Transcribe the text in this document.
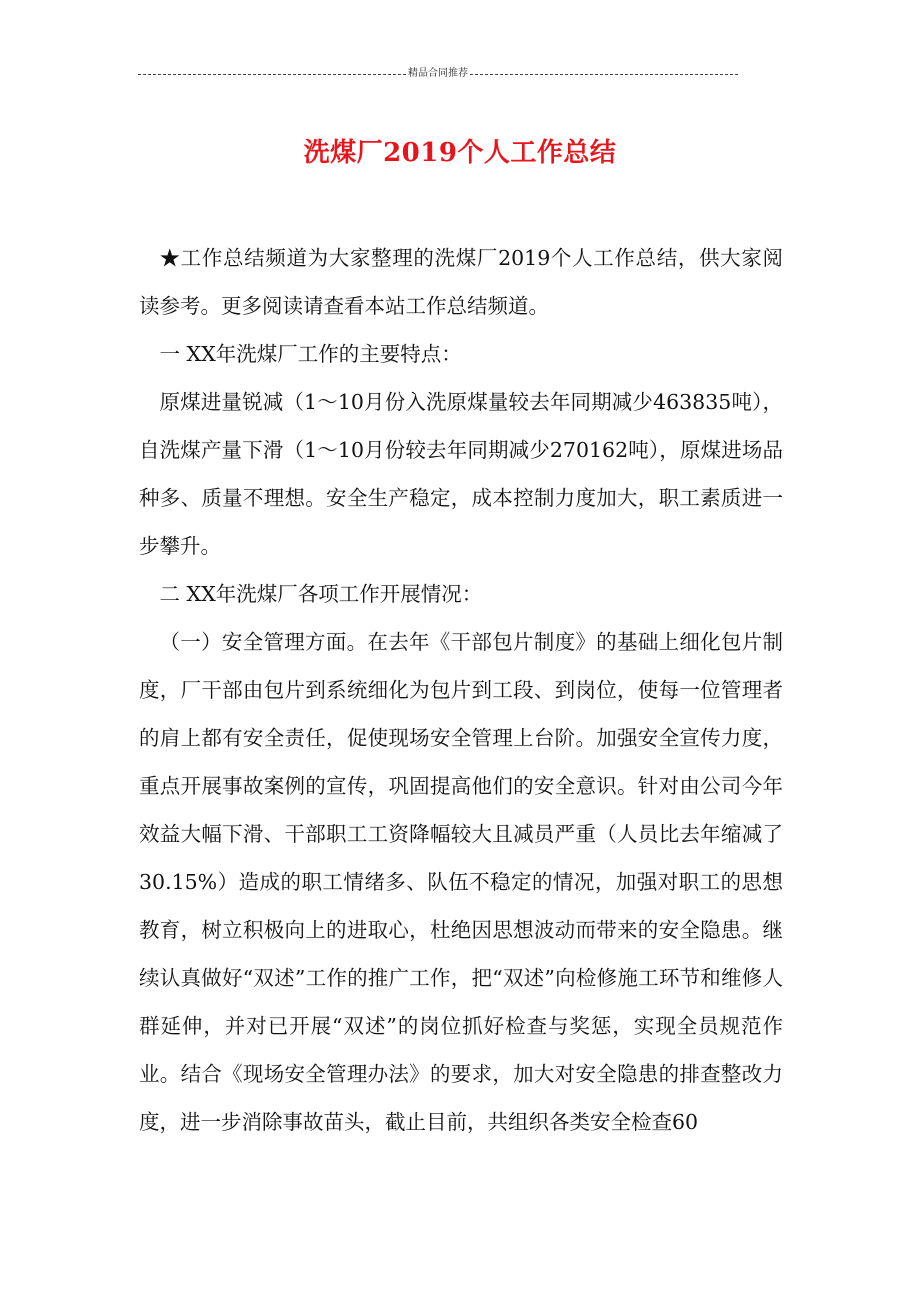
精品合同推荐
洗煤厂2019个人工作总结

★工作总结频道为大家整理的洗煤厂2019个人工作总结，供大家阅读参考。更多阅读请查看本站工作总结频道。

一 XX年洗煤厂工作的主要特点：

原煤进量锐减（1～10月份入洗原煤量较去年同期减少463835吨），自洗煤产量下滑（1～10月份较去年同期减少270162吨），原煤进场品种多、质量不理想。安全生产稳定，成本控制力度加大，职工素质进一步攀升。

二 XX年洗煤厂各项工作开展情况：

（一）安全管理方面。在去年《干部包片制度》的基础上细化包片制度，厂干部由包片到系统细化为包片到工段、到岗位，使每一位管理者的肩上都有安全责任，促使现场安全管理上台阶。加强安全宣传力度，重点开展事故案例的宣传，巩固提高他们的安全意识。针对由公司今年效益大幅下滑、干部职工工资降幅较大且减员严重（人员比去年缩减了30.15%）造成的职工情绪多、队伍不稳定的情况，加强对职工的思想教育，树立积极向上的进取心，杜绝因思想波动而带来的安全隐患。继续认真做好“双述”工作的推广工作，把“双述”向检修施工环节和维修人群延伸，并对已开展“双述”的岗位抓好检查与奖惩，实现全员规范作业。结合《现场安全管理办法》的要求，加大对安全隐患的排查整改力度，进一步消除事故苗头，截止目前，共组织各类安全检查60
